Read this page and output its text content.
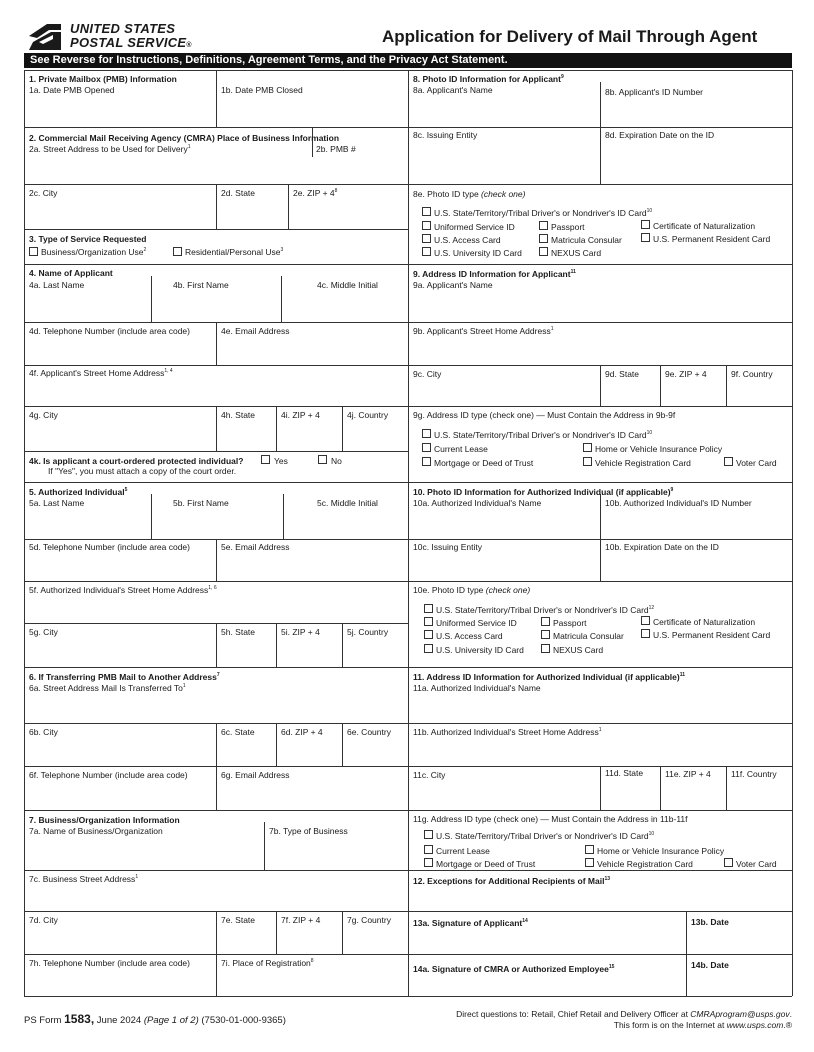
UNITED STATES
POSTAL SERVICE®	Application for Delivery of Mail Through Agent
See Reverse for Instructions, Definitions, Agreement Terms, and the Privacy Act Statement.
1. Private Mailbox (PMB) Information
1a. Date PMB Opened	1b. Date PMB Closed
2. Commercial Mail Receiving Agency (CMRA) Place of Business Information
2a. Street Address to be Used for Delivery$^1$	2b. PMB #
2c. City	2d. State	2e. ZIP + $4^8$
3. Type of Service Requested
Business/Organization Use$^2$	Residential/Personal Use$^3$
4. Name of Applicant
4a. Last Name	4b. First Name	4c. Middle Initial
4d. Telephone Number (include area code)	4e. Email Address
4f. Applicant's Street Home Address$^{1, 4}$
4g. City	4h. State	4i. ZIP + 4	4j. Country
4k. Is applicant a court-ordered protected individual?	Yes	No
If "Yes", you must attach a copy of the court order.
5. Authorized Individual$^5$
5a. Last Name	5b. First Name	5c. Middle Initial
5d. Telephone Number (include area code)	5e. Email Address
5f. Authorized Individual's Street Home Address$^{1, 6}$
5g. City	5h. State	5i. ZIP + 4	5j. Country
6. If Transferring PMB Mail to Another Address$^7$
6a. Street Address Mail Is Transferred To$^1$
6b. City	6c. State	6d. ZIP + 4	6e. Country
6f. Telephone Number (include area code)	6g. Email Address
7. Business/Organization Information
7a. Name of Business/Organization	7b. Type of Business
7c. Business Street Address$^1$
7d. City	7e. State	7f. ZIP + 4	7g. Country
7h. Telephone Number (include area code)	7i. Place of Registration$^8$
8. Photo ID Information for Applicant$^9$
8a. Applicant's Name	8b. Applicant's ID Number
8c. Issuing Entity	8d. Expiration Date on the ID
8e. Photo ID type (check one)
U.S. State/Territory/Tribal Driver's or Nondriver's ID Card$^{10}$
Uniformed Service ID	Passport	Certificate of Naturalization
U.S. Access Card	Matricula Consular	U.S. Permanent Resident Card
U.S. University ID Card	NEXUS Card
9. Address ID Information for Applicant$^{11}$
9a. Applicant's Name
9b. Applicant's Street Home Address$^1$
9c. City	9d. State	9e. ZIP + 4	9f. Country
9g. Address ID type (check one) — Must Contain the Address in 9b-9f
U.S. State/Territory/Tribal Driver's or Nondriver's ID Card$^{10}$
Current Lease	Home or Vehicle Insurance Policy
Mortgage or Deed of Trust	Vehicle Registration Card	Voter Card
10. Photo ID Information for Authorized Individual (if applicable)$^9$
10a. Authorized Individual's Name	10b. Authorized Individual's ID Number
10c. Issuing Entity	10b. Expiration Date on the ID
10e. Photo ID type (check one)
U.S. State/Territory/Tribal Driver's or Nondriver's ID Card$^{12}$
Uniformed Service ID	Passport	Certificate of Naturalization
U.S. Access Card	Matricula Consular	U.S. Permanent Resident Card
U.S. University ID Card	NEXUS Card
11. Address ID Information for Authorized Individual (if applicable)$^{11}$
11a. Authorized Individual's Name
11b. Authorized Individual's Street Home Address$^1$
11c. City	11d. State	11e. ZIP + 4 11f. Country
11g. Address ID type (check one) — Must Contain the Address in 11b-11f
U.S. State/Territory/Tribal Driver's or Nondriver's ID Card$^{10}$
Current Lease	Home or Vehicle Insurance Policy
Mortgage or Deed of Trust	Vehicle Registration Card	Voter Card
12. Exceptions for Additional Recipients of Mail$^{13}$
13a. Signature of Applicant$^{14}$	13b. Date
14a. Signature of CMRA or Authorized Employee$^{15}$	14b. Date
PS Form 1583, June 2024 (Page 1 of 2) (7530-01-000-9365)
Direct questions to: Retail, Chief Retail and Delivery Officer at CMRAprogram@usps.gov.
This form is on the Internet at www.usps.com.®
